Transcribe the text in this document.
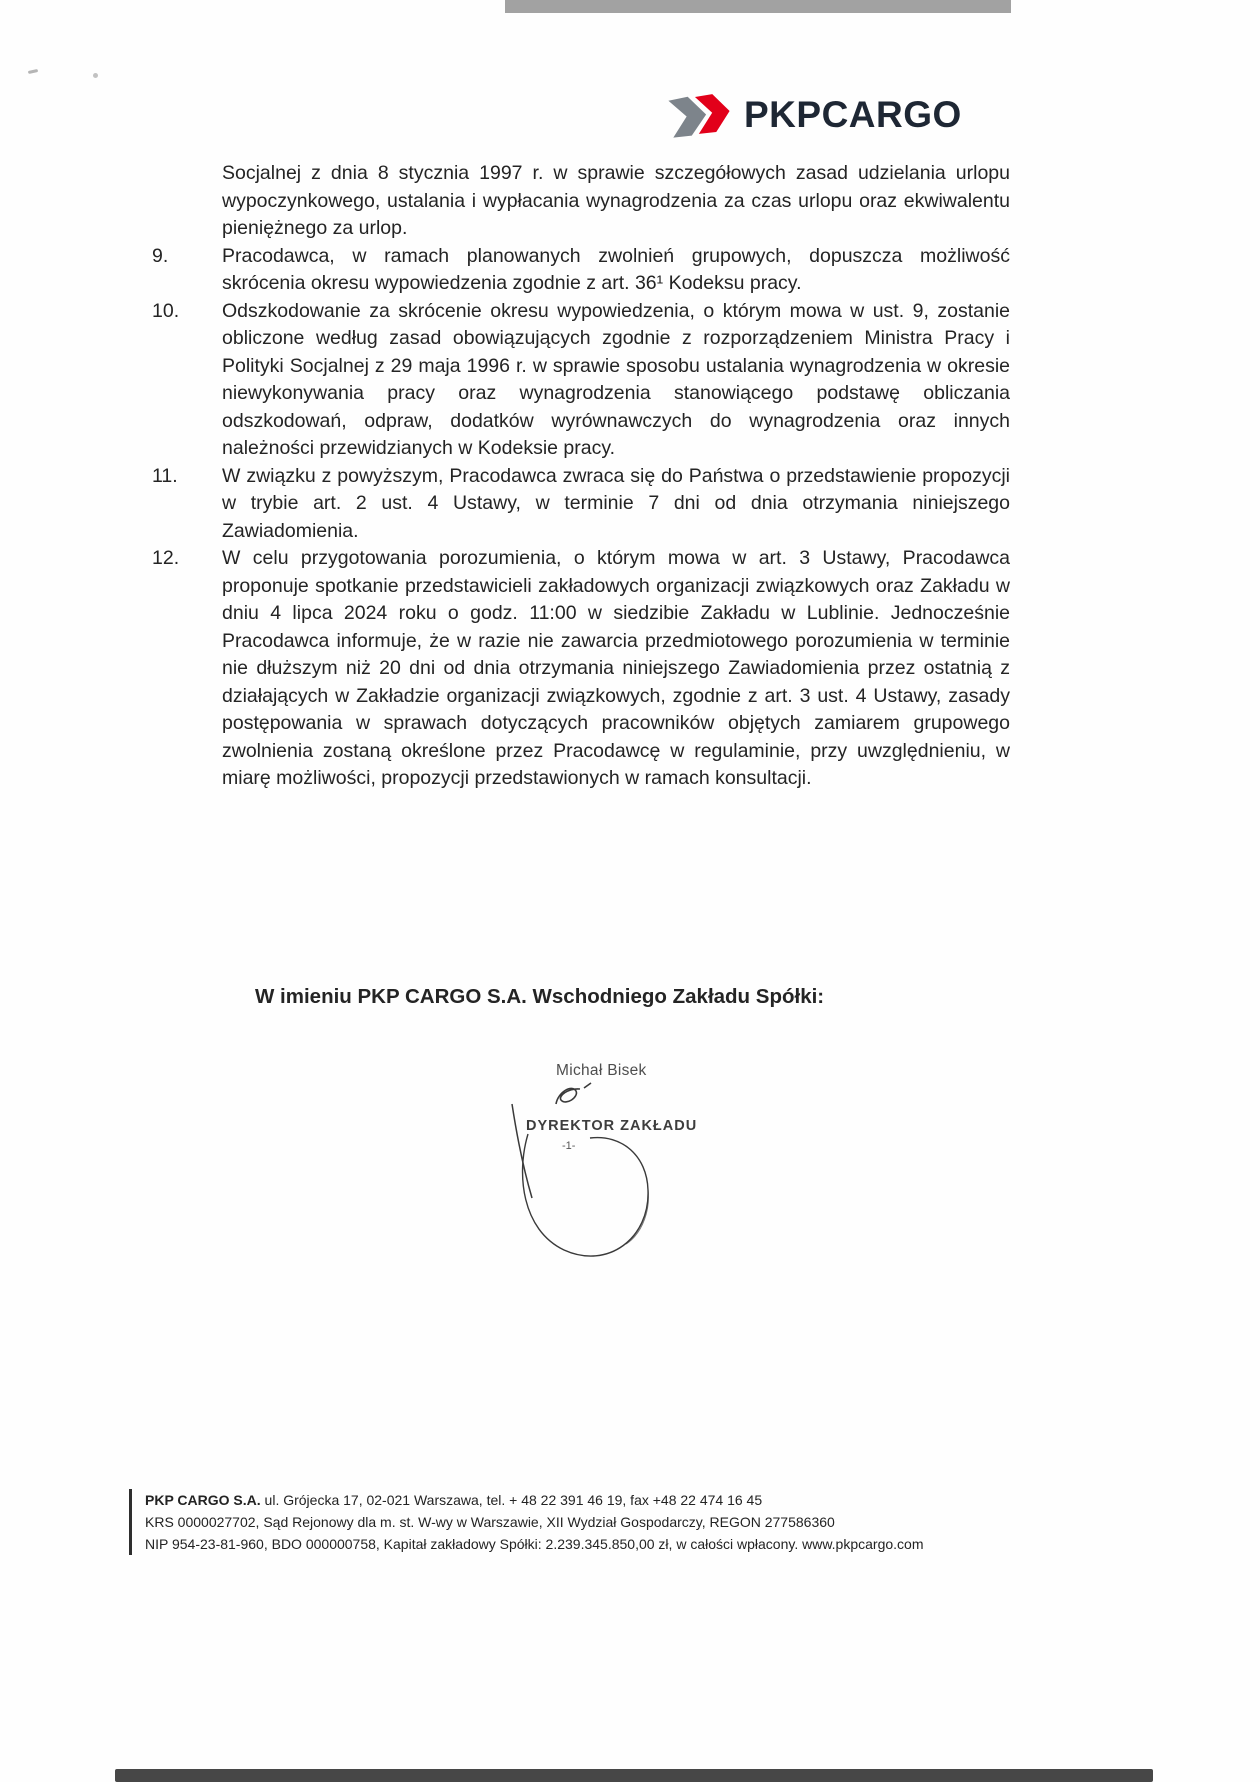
PKPCARGO

Socjalnej z dnia 8 stycznia 1997 r. w sprawie szczegółowych zasad udzielania urlopu wypoczynkowego, ustalania i wypłacania wynagrodzenia za czas urlopu oraz ekwiwalentu pieniężnego za urlop.

9.	Pracodawca, w ramach planowanych zwolnień grupowych, dopuszcza możliwość skrócenia okresu wypowiedzenia zgodnie z art. 36¹ Kodeksu pracy.
10.	Odszkodowanie za skrócenie okresu wypowiedzenia, o którym mowa w ust. 9, zostanie obliczone według zasad obowiązujących zgodnie z rozporządzeniem Ministra Pracy i Polityki Socjalnej z 29 maja 1996 r. w sprawie sposobu ustalania wynagrodzenia w okresie niewykonywania pracy oraz wynagrodzenia stanowiącego podstawę obliczania odszkodowań, odpraw, dodatków wyrównawczych do wynagrodzenia oraz innych należności przewidzianych w Kodeksie pracy.
11.	W związku z powyższym, Pracodawca zwraca się do Państwa o przedstawienie propozycji w trybie art. 2 ust. 4 Ustawy, w terminie 7 dni od dnia otrzymania niniejszego Zawiadomienia.
12.	W celu przygotowania porozumienia, o którym mowa w art. 3 Ustawy, Pracodawca proponuje spotkanie przedstawicieli zakładowych organizacji związkowych oraz Zakładu w dniu 4 lipca 2024 roku o godz. 11:00 w siedzibie Zakładu w Lublinie. Jednocześnie Pracodawca informuje, że w razie nie zawarcia przedmiotowego porozumienia w terminie nie dłuższym niż 20 dni od dnia otrzymania niniejszego Zawiadomienia przez ostatnią z działających w Zakładzie organizacji związkowych, zgodnie z art. 3 ust. 4 Ustawy, zasady postępowania w sprawach dotyczących pracowników objętych zamiarem grupowego zwolnienia zostaną określone przez Pracodawcę w regulaminie, przy uwzględnieniu, w miarę możliwości, propozycji przedstawionych w ramach konsultacji.
W imieniu PKP CARGO S.A. Wschodniego Zakładu Spółki:
Michał Bisek
DYREKTOR ZAKŁADU
-1-
PKP CARGO S.A. ul. Grójecka 17, 02-021 Warszawa, tel. + 48 22 391 46 19, fax +48 22 474 16 45
KRS 0000027702, Sąd Rejonowy dla m. st. W-wy w Warszawie, XII Wydział Gospodarczy, REGON 277586360
NIP 954-23-81-960, BDO 000000758, Kapitał zakładowy Spółki: 2.239.345.850,00 zł, w całości wpłacony. www.pkpcargo.com
